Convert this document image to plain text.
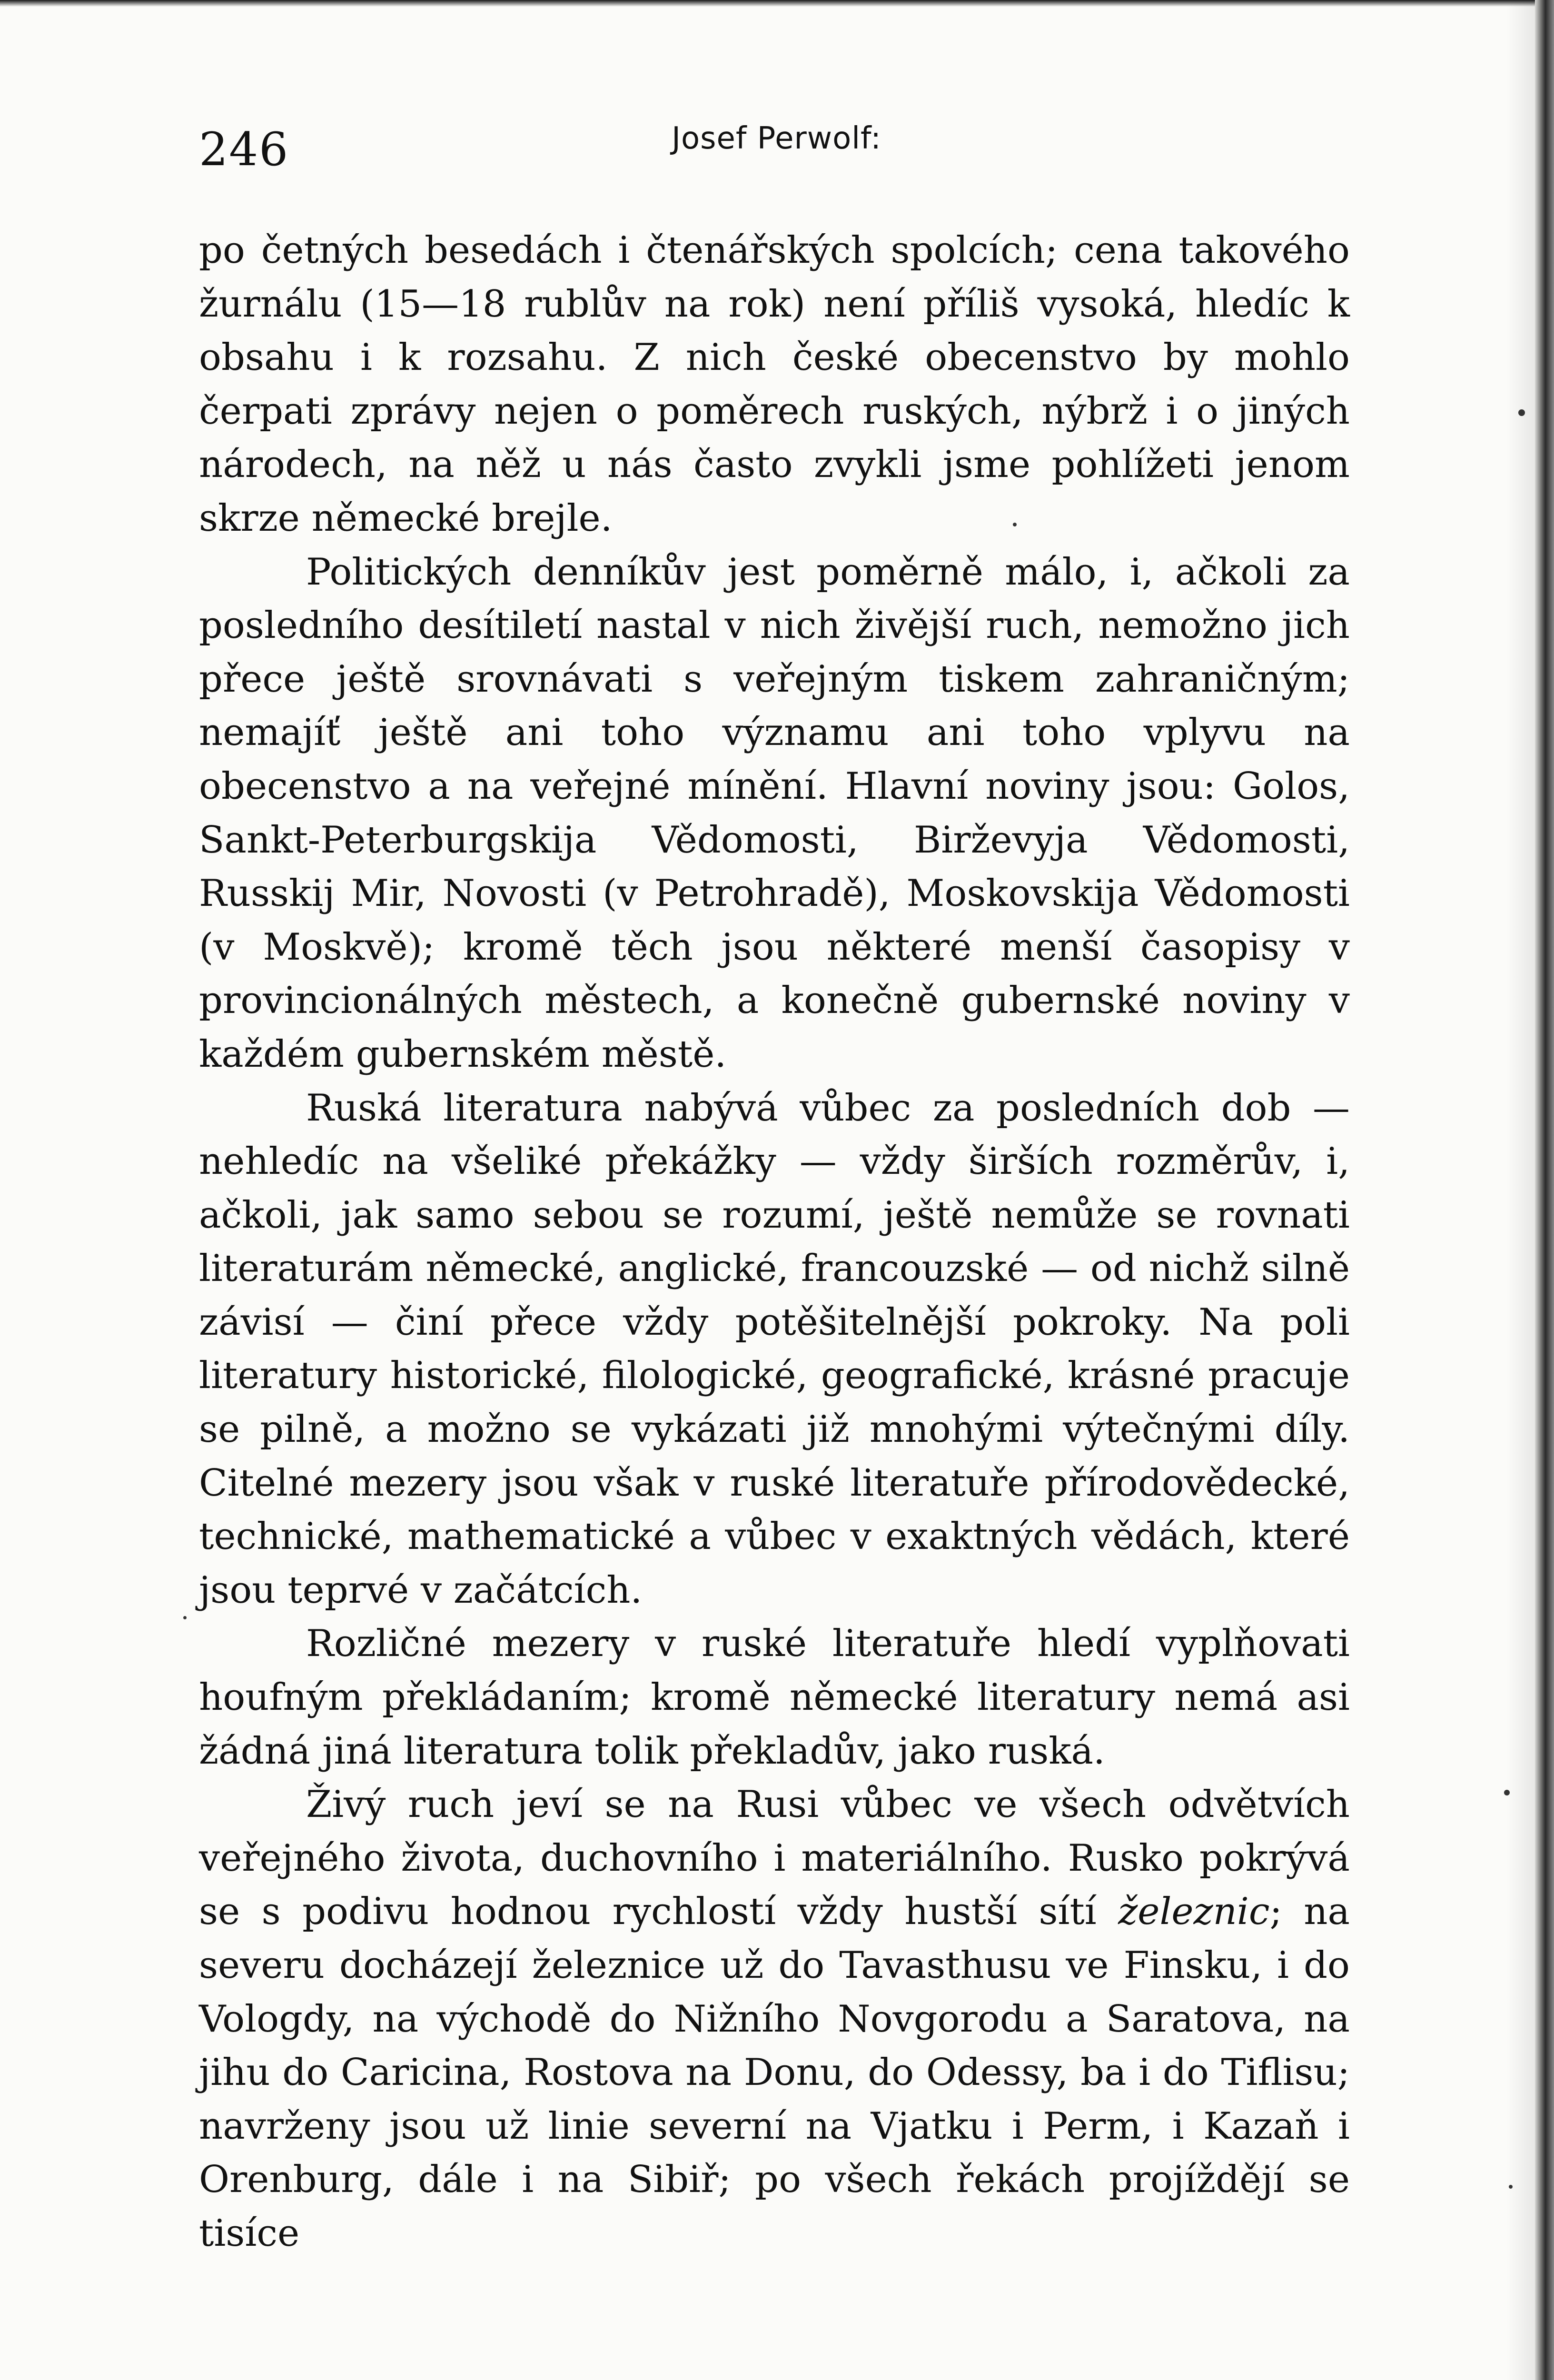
246	Josef Perwolf:

po četných besedách i čtenářských spolcích; cena takového žurnálu (15—18 rublův na rok) není příliš vysoká, hledíc k obsahu i k rozsahu. Z nich české obecenstvo by mohlo čerpati zprávy nejen o poměrech ruských, nýbrž i o jiných národech, na něž u nás často zvykli jsme pohlížeti jenom skrze německé brejle.

Politických denníkův jest poměrně málo, i, ačkoli za posledního desítiletí nastal v nich živější ruch, nemožno jich přece ještě srovnávati s veřejným tiskem zahraničným; nemajíť ještě ani toho významu ani toho vplyvu na obecenstvo a na veřejné mínění. Hlavní noviny jsou: Golos, Sankt-Peterburgskija Vědomosti, Birževyja Vědomosti, Russkij Mir, Novosti (v Petrohradě), Moskovskija Vědomosti (v Moskvě); kromě těch jsou některé menší časopisy v provincionálných městech, a konečně gubernské noviny v každém gubernském městě.

Ruská literatura nabývá vůbec za posledních dob — nehledíc na všeliké překážky — vždy širších rozměrův, i, ačkoli, jak samo sebou se rozumí, ještě nemůže se rovnati literaturám německé, anglické, francouzské — od nichž silně závisí — činí přece vždy potěšitelnější pokroky. Na poli literatury historické, filologické, geografické, krásné pracuje se pilně, a možno se vykázati již mnohými výtečnými díly. Citelné mezery jsou však v ruské literatuře přírodovědecké, technické, mathematické a vůbec v exaktných vědách, které jsou teprvé v začátcích.

Rozličné mezery v ruské literatuře hledí vyplňovati houfným překládaním; kromě německé literatury nemá asi žádná jiná literatura tolik překladův, jako ruská.

Živý ruch jeví se na Rusi vůbec ve všech odvětvích veřejného života, duchovního i materiálního. Rusko pokrývá se s podivu hodnou rychlostí vždy hustší sítí železnic; na severu docházejí železnice už do Tavasthusu ve Finsku, i do Vologdy, na východě do Nižního Novgorodu a Saratova, na jihu do Caricina, Rostova na Donu, do Odessy, ba i do Tiflisu; navrženy jsou už linie severní na Vjatku i Perm, i Kazaň i Orenburg, dále i na Sibiř; po všech řekách projíždějí se tisíce
